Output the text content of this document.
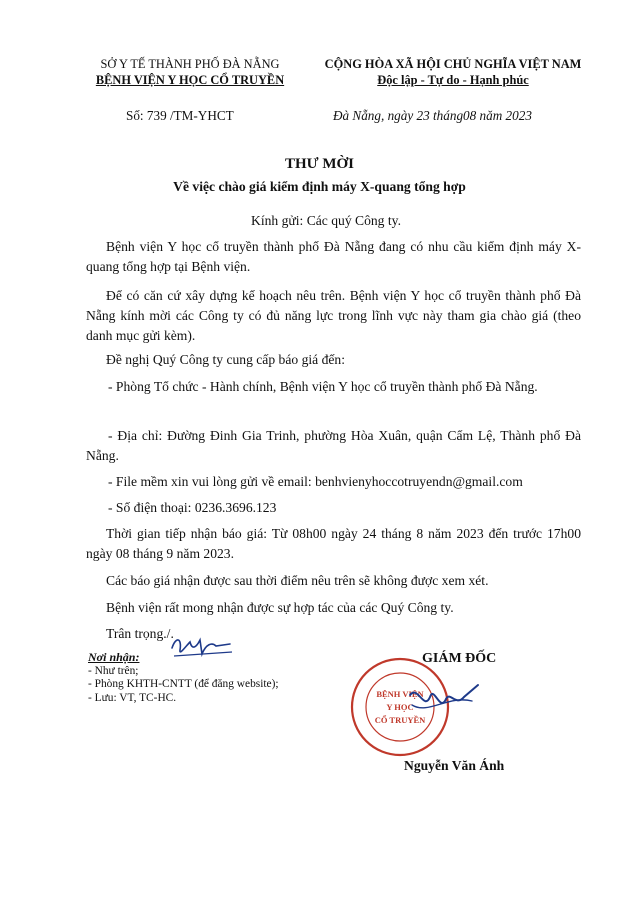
SỞ Y TẾ THÀNH PHỐ ĐÀ NẴNG
BỆNH VIỆN Y HỌC CỔ TRUYỀN
CỘNG HÒA XÃ HỘI CHỦ NGHĨA VIỆT NAM
Độc lập - Tự do - Hạnh phúc
Số: 739 /TM-YHCT	Đà Nẵng, ngày 23 tháng08 năm 2023
THƯ MỜI
Về việc chào giá kiểm định máy X-quang tổng hợp
Kính gửi: Các quý Công ty.
Bệnh viện Y học cổ truyền thành phố Đà Nẵng đang có nhu cầu kiểm định máy X-quang tổng hợp tại Bệnh viện.
Để có căn cứ xây dựng kế hoạch nêu trên. Bệnh viện Y học cổ truyền thành phố Đà Nẵng kính mời các Công ty có đủ năng lực trong lĩnh vực này tham gia chào giá (theo danh mục gửi kèm).
Đề nghị Quý Công ty cung cấp báo giá đến:
- Phòng Tổ chức - Hành chính, Bệnh viện Y học cổ truyền thành phố Đà Nẵng.
- Địa chỉ: Đường Đinh Gia Trinh, phường Hòa Xuân, quận Cẩm Lệ, Thành phố Đà Nẵng.
- File mềm xin vui lòng gửi về email: benhvienyhoccotruyendn@gmail.com
- Số điện thoại: 0236.3696.123
Thời gian tiếp nhận báo giá: Từ 08h00 ngày 24 tháng 8 năm 2023 đến trước 17h00 ngày 08 tháng 9 năm 2023.
Các báo giá nhận được sau thời điểm nêu trên sẽ không được xem xét.
Bệnh viện rất mong nhận được sự hợp tác của các Quý Công ty.
Trân trọng./.
Nơi nhận:
- Như trên;
- Phòng KHTH-CNTT (để đăng website);
- Lưu: VT, TC-HC.
GIÁM ĐỐC
BỆNH VIỆN
Y HỌC
CỔ TRUYỀN
Nguyễn Văn Ánh
